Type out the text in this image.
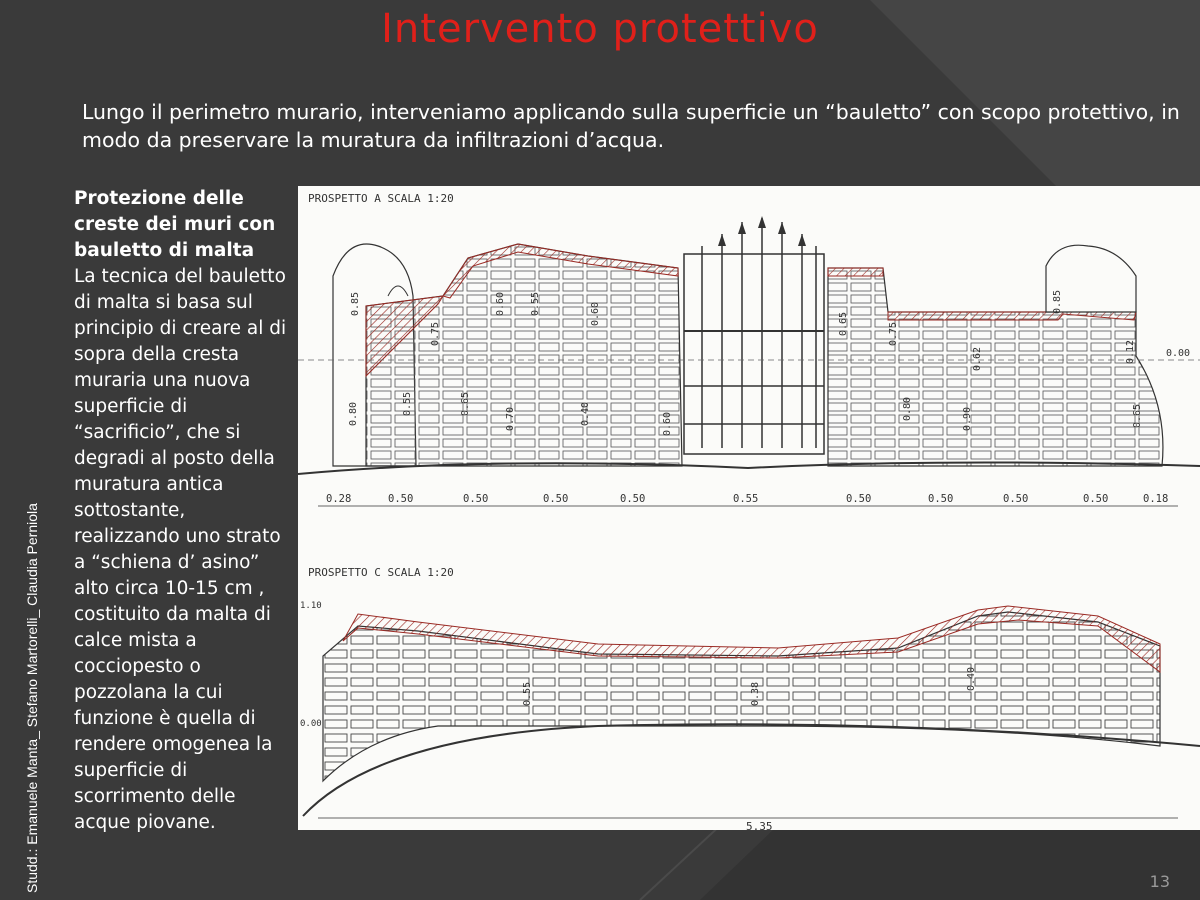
Intervento protettivo
Lungo il perimetro murario, interveniamo applicando sulla superficie un “bauletto” con scopo protettivo, in modo da preservare la muratura da infiltrazioni d’acqua.
Studd.: Emanuele Manta_ Stefano Martorelli_ Claudia Perniola
Protezione delle creste dei muri con bauletto di malta
La tecnica del bauletto di malta si basa sul principio di creare al di sopra della cresta muraria una nuova superficie di “sacrificio”, che si degradi al posto della muratura antica sottostante, realizzando uno strato a “schiena d’ asino” alto circa 10-15 cm , costituito da malta di calce mista a cocciopesto o pozzolana la cui funzione è quella di rendere omogenea la superficie di scorrimento delle acque piovane.
PROSPETTO A SCALA 1:20
0.00
0.85
0.75
0.80	0.55	0.65
0.60 0.55
0.70
0.60
0.40	0.60
0.65	0.75
0.80
0.62
0.90
0.85
0.12
0.65
0.28	0.50	0.50	0.50	0.50	0.55	0.50	0.50	0.50	0.50	0.18
PROSPETTO C SCALA 1:20
1.10
0.00
0.55	0.38
0.40
5.35
13
